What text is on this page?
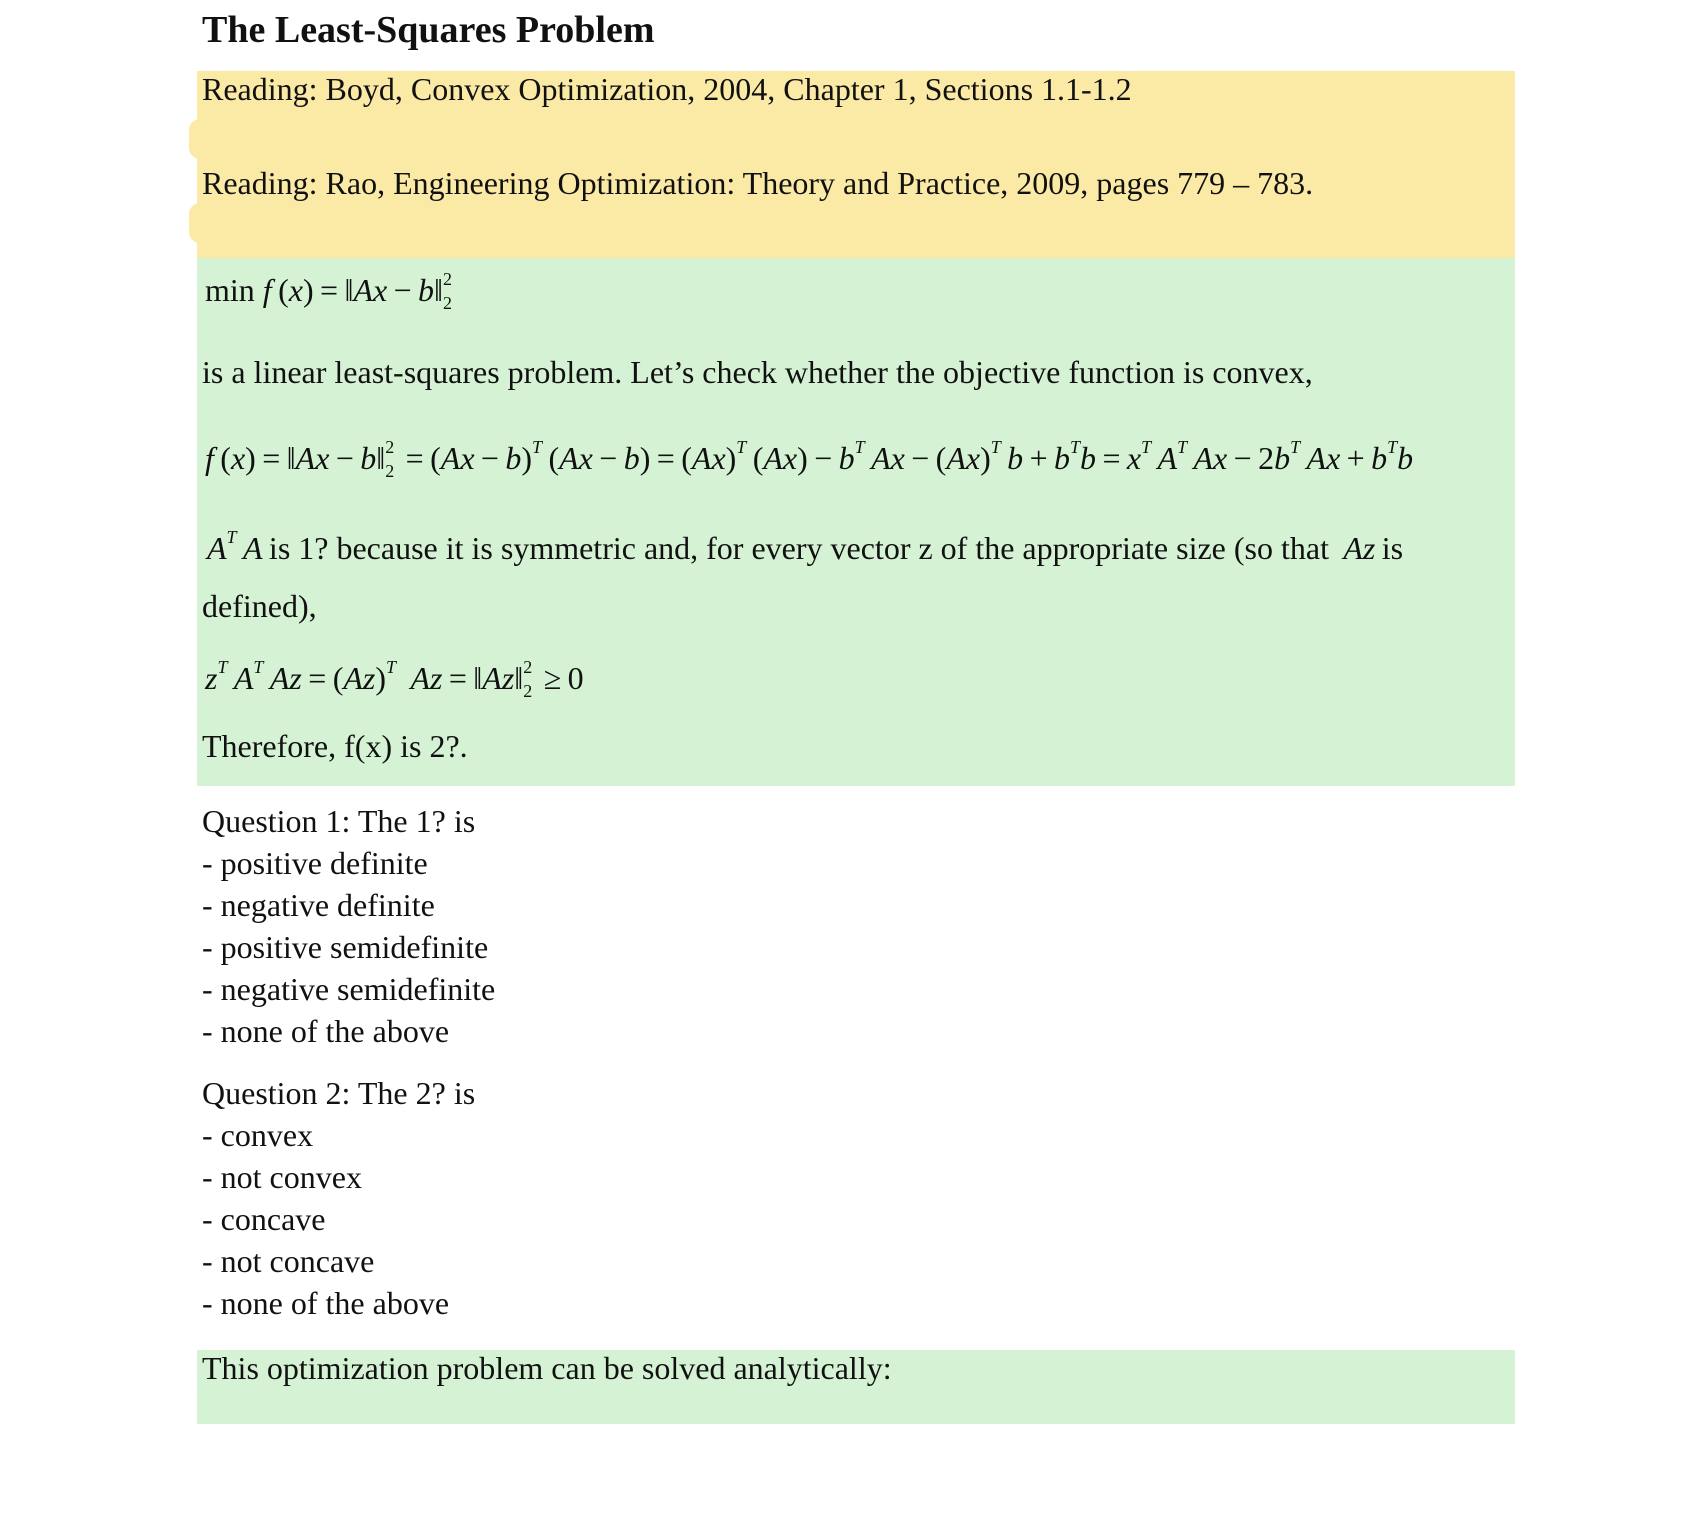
The Least-Squares Problem

Reading: Boyd, Convex Optimization, 2004, Chapter 1, Sections 1.1-1.2

Reading: Rao, Engineering Optimization: Theory and Practice, 2009, pages 779 – 783.

min f (x) = ‖Ax − b‖ 2
2

is a linear least-squares problem. Let’s check whether the objective function is convex,

f (x) = ‖Ax − b‖ 2
$2 = (Ax - b)^T$ $(Ax - b) = (Ax)^T$ $(Ax) - b^T$  $Ax - (Ax)^T$  $b + b^Tb = x^T$  $A^T$  $Ax - 2b^T$  $Ax + b^Tb$
$A^T$  A  is 1? because it is symmetric and, for every vector z of the appropriate size (so that  Az  is

defined),

$z^T$  $A^T$  $Az = (Az)^T$  Az = ‖Az‖ 2
2  ≥ 0

Therefore, f(x) is 2?.

Question 1: The 1? is
- positive definite
- negative definite
- positive semidefinite
- negative semidefinite
- none of the above
Question 2: The 2? is
- convex
- not convex
- concave
- not concave
- none of the above

This optimization problem can be solved analytically:
